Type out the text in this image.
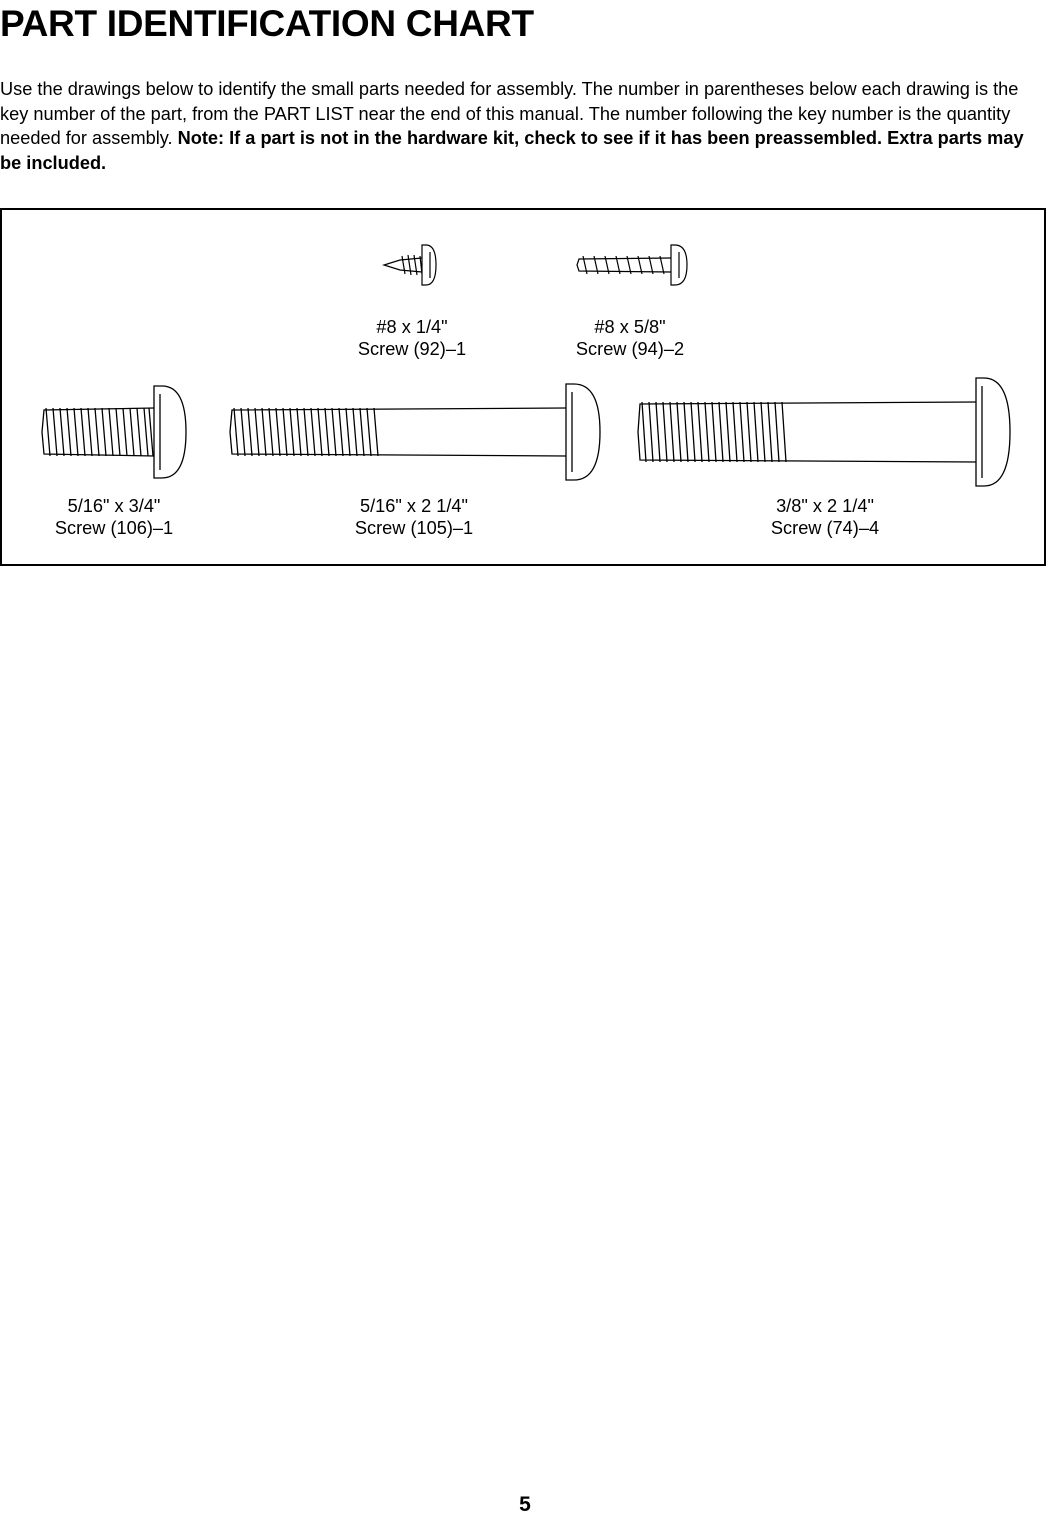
PART IDENTIFICATION CHART

Use the drawings below to identify the small parts needed for assembly. The number in parentheses below each drawing is the key number of the part, from the PART LIST near the end of this manual. The number following the key number is the quantity needed for assembly. Note: If a part is not in the hardware kit, check to see if it has been preassembled. Extra parts may be included.

#8 x 1/4"
Screw (92)–1
#8 x 5/8"
Screw (94)–2
5/16" x 3/4"
Screw (106)–1
5/16" x 2 1/4"
Screw (105)–1
3/8" x 2 1/4"
Screw (74)–4
5
